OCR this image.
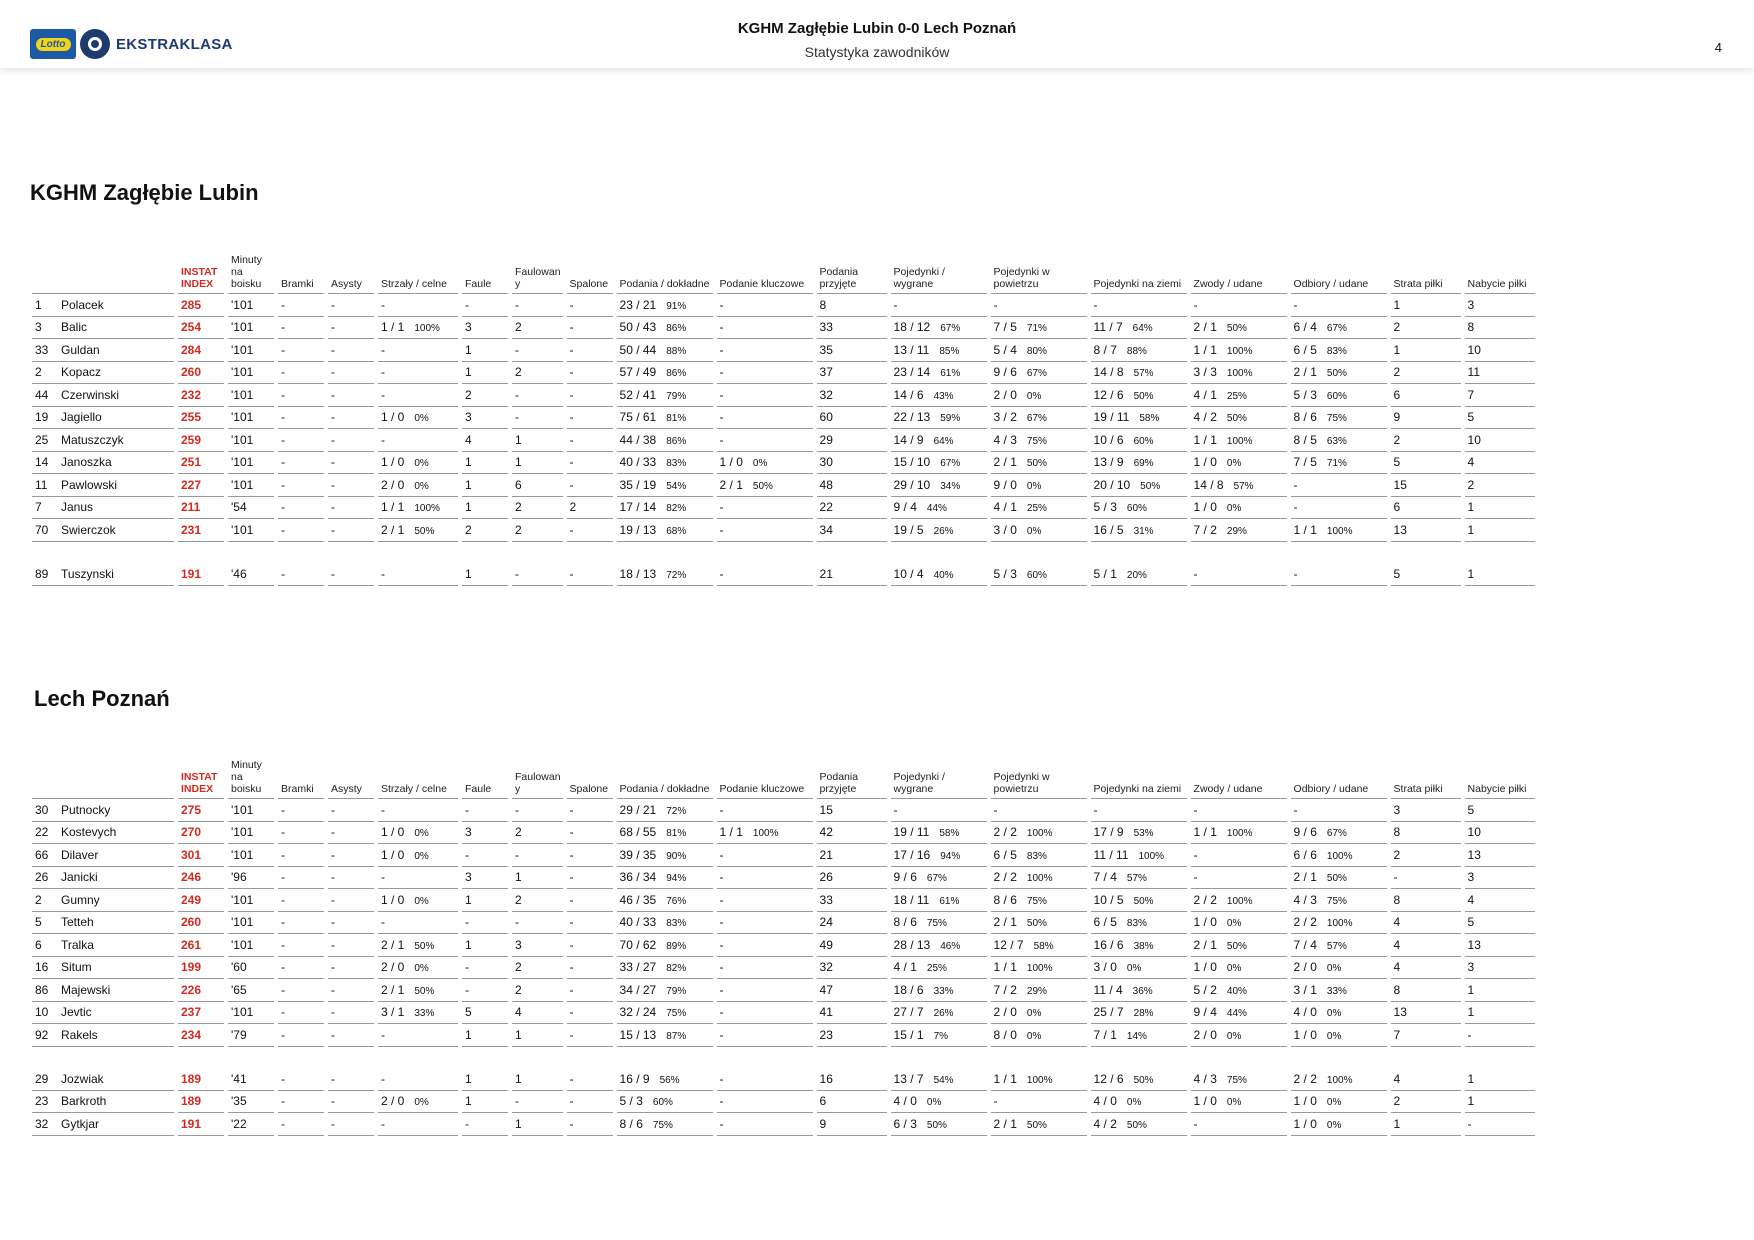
Lotto	EKSTRAKLASA
KGHM Zagłębie Lubin 0-0 Lech Poznań
Statystyka zawodników	4
KGHM Zagłębie Lubin
	INSTAT INDEX	Minuty na boisku	Bramki	Asysty	Strzały / celne	Faule	Faulowan y	Spalone	Podania / dokładne	Podanie kluczowe	Podania przyjęte	Pojedynki / wygrane	Pojedynki w powietrzu	Pojedynki na ziemi	Zwody / udane	Odbiory / udane	Strata piłki	Nabycie piłki
1 Polacek	285	'101	-	-	-	-	-	-	23 / 21 91%	-	8	-	-	-	-	-	1	3
3 Balic	254	'101	-	-	1 / 1 100%	3	2	-	50 / 43 86%	-	33	18 / 12 67%	7 / 5 71%	11 / 7 64%	2 / 1 50%	6 / 4 67%	2	8
33 Guldan	284	'101	-	-	-	1	-	-	50 / 44 88%	-	35	13 / 11 85%	5 / 4 80%	8 / 7 88%	1 / 1 100%	6 / 5 83%	1	10
2 Kopacz	260	'101	-	-	-	1	2	-	57 / 49 86%	-	37	23 / 14 61%	9 / 6 67%	14 / 8 57%	3 / 3 100%	2 / 1 50%	2	11
44 Czerwinski	232	'101	-	-	-	2	-	-	52 / 41 79%	-	32	14 / 6 43%	2 / 0 0%	12 / 6 50%	4 / 1 25%	5 / 3 60%	6	7
19 Jagiello	255	'101	-	-	1 / 0 0%	3	-	-	75 / 61 81%	-	60	22 / 13 59%	3 / 2 67%	19 / 11 58%	4 / 2 50%	8 / 6 75%	9	5
25 Matuszczyk	259	'101	-	-	-	4	1	-	44 / 38 86%	-	29	14 / 9 64%	4 / 3 75%	10 / 6 60%	1 / 1 100%	8 / 5 63%	2	10
14 Janoszka	251	'101	-	-	1 / 0 0%	1	1	-	40 / 33 83%	1 / 0 0%	30	15 / 10 67%	2 / 1 50%	13 / 9 69%	1 / 0 0%	7 / 5 71%	5	4
11 Pawlowski	227	'101	-	-	2 / 0 0%	1	6	-	35 / 19 54%	2 / 1 50%	48	29 / 10 34%	9 / 0 0%	20 / 10 50%	14 / 8 57%	-	15	2
7 Janus	211	'54	-	-	1 / 1 100%	1	2	2	17 / 14 82%	-	22	9 / 4 44%	4 / 1 25%	5 / 3 60%	1 / 0 0%	-	6	1
70 Swierczok	231	'101	-	-	2 / 1 50%	2	2	-	19 / 13 68%	-	34	19 / 5 26%	3 / 0 0%	16 / 5 31%	7 / 2 29%	1 / 1 100%	13	1

89 Tuszynski	191	'46	-	-	-	1	-	-	18 / 13 72%	-	21	10 / 4 40%	5 / 3 60%	5 / 1 20%	-	-	5	1
Lech Poznań
	INSTAT INDEX	Minuty na boisku	Bramki	Asysty	Strzały / celne	Faule	Faulowan y	Spalone	Podania / dokładne	Podanie kluczowe	Podania przyjęte	Pojedynki / wygrane	Pojedynki w powietrzu	Pojedynki na ziemi	Zwody / udane	Odbiory / udane	Strata piłki	Nabycie piłki
30 Putnocky	275	'101	-	-	-	-	-	-	29 / 21 72%	-	15	-	-	-	-	-	3	5
22 Kostevych	270	'101	-	-	1 / 0 0%	3	2	-	68 / 55 81%	1 / 1 100%	42	19 / 11 58%	2 / 2 100%	17 / 9 53%	1 / 1 100%	9 / 6 67%	8	10
66 Dilaver	301	'101	-	-	1 / 0 0%	-	-	-	39 / 35 90%	-	21	17 / 16 94%	6 / 5 83%	11 / 11 100%	-	6 / 6 100%	2	13
26 Janicki	246	'96	-	-	-	3	1	-	36 / 34 94%	-	26	9 / 6 67%	2 / 2 100%	7 / 4 57%	-	2 / 1 50%	-	3
2 Gumny	249	'101	-	-	1 / 0 0%	1	2	-	46 / 35 76%	-	33	18 / 11 61%	8 / 6 75%	10 / 5 50%	2 / 2 100%	4 / 3 75%	8	4
5 Tetteh	260	'101	-	-	-	-	-	-	40 / 33 83%	-	24	8 / 6 75%	2 / 1 50%	6 / 5 83%	1 / 0 0%	2 / 2 100%	4	5
6 Tralka	261	'101	-	-	2 / 1 50%	1	3	-	70 / 62 89%	-	49	28 / 13 46%	12 / 7 58%	16 / 6 38%	2 / 1 50%	7 / 4 57%	4	13
16 Situm	199	'60	-	-	2 / 0 0%	-	2	-	33 / 27 82%	-	32	4 / 1 25%	1 / 1 100%	3 / 0 0%	1 / 0 0%	2 / 0 0%	4	3
86 Majewski	226	'65	-	-	2 / 1 50%	-	2	-	34 / 27 79%	-	47	18 / 6 33%	7 / 2 29%	11 / 4 36%	5 / 2 40%	3 / 1 33%	8	1
10 Jevtic	237	'101	-	-	3 / 1 33%	5	4	-	32 / 24 75%	-	41	27 / 7 26%	2 / 0 0%	25 / 7 28%	9 / 4 44%	4 / 0 0%	13	1
92 Rakels	234	'79	-	-	-	1	1	-	15 / 13 87%	-	23	15 / 1 7%	8 / 0 0%	7 / 1 14%	2 / 0 0%	1 / 0 0%	7	-

29 Jozwiak	189	'41	-	-	-	1	1	-	16 / 9 56%	-	16	13 / 7 54%	1 / 1 100%	12 / 6 50%	4 / 3 75%	2 / 2 100%	4	1
23 Barkroth	189	'35	-	-	2 / 0 0%	1	-	-	5 / 3 60%	-	6	4 / 0 0%	-	4 / 0 0%	1 / 0 0%	1 / 0 0%	2	1
32 Gytkjar	191	'22	-	-	-	-	1	-	8 / 6 75%	-	9	6 / 3 50%	2 / 1 50%	4 / 2 50%	-	1 / 0 0%	1	-
